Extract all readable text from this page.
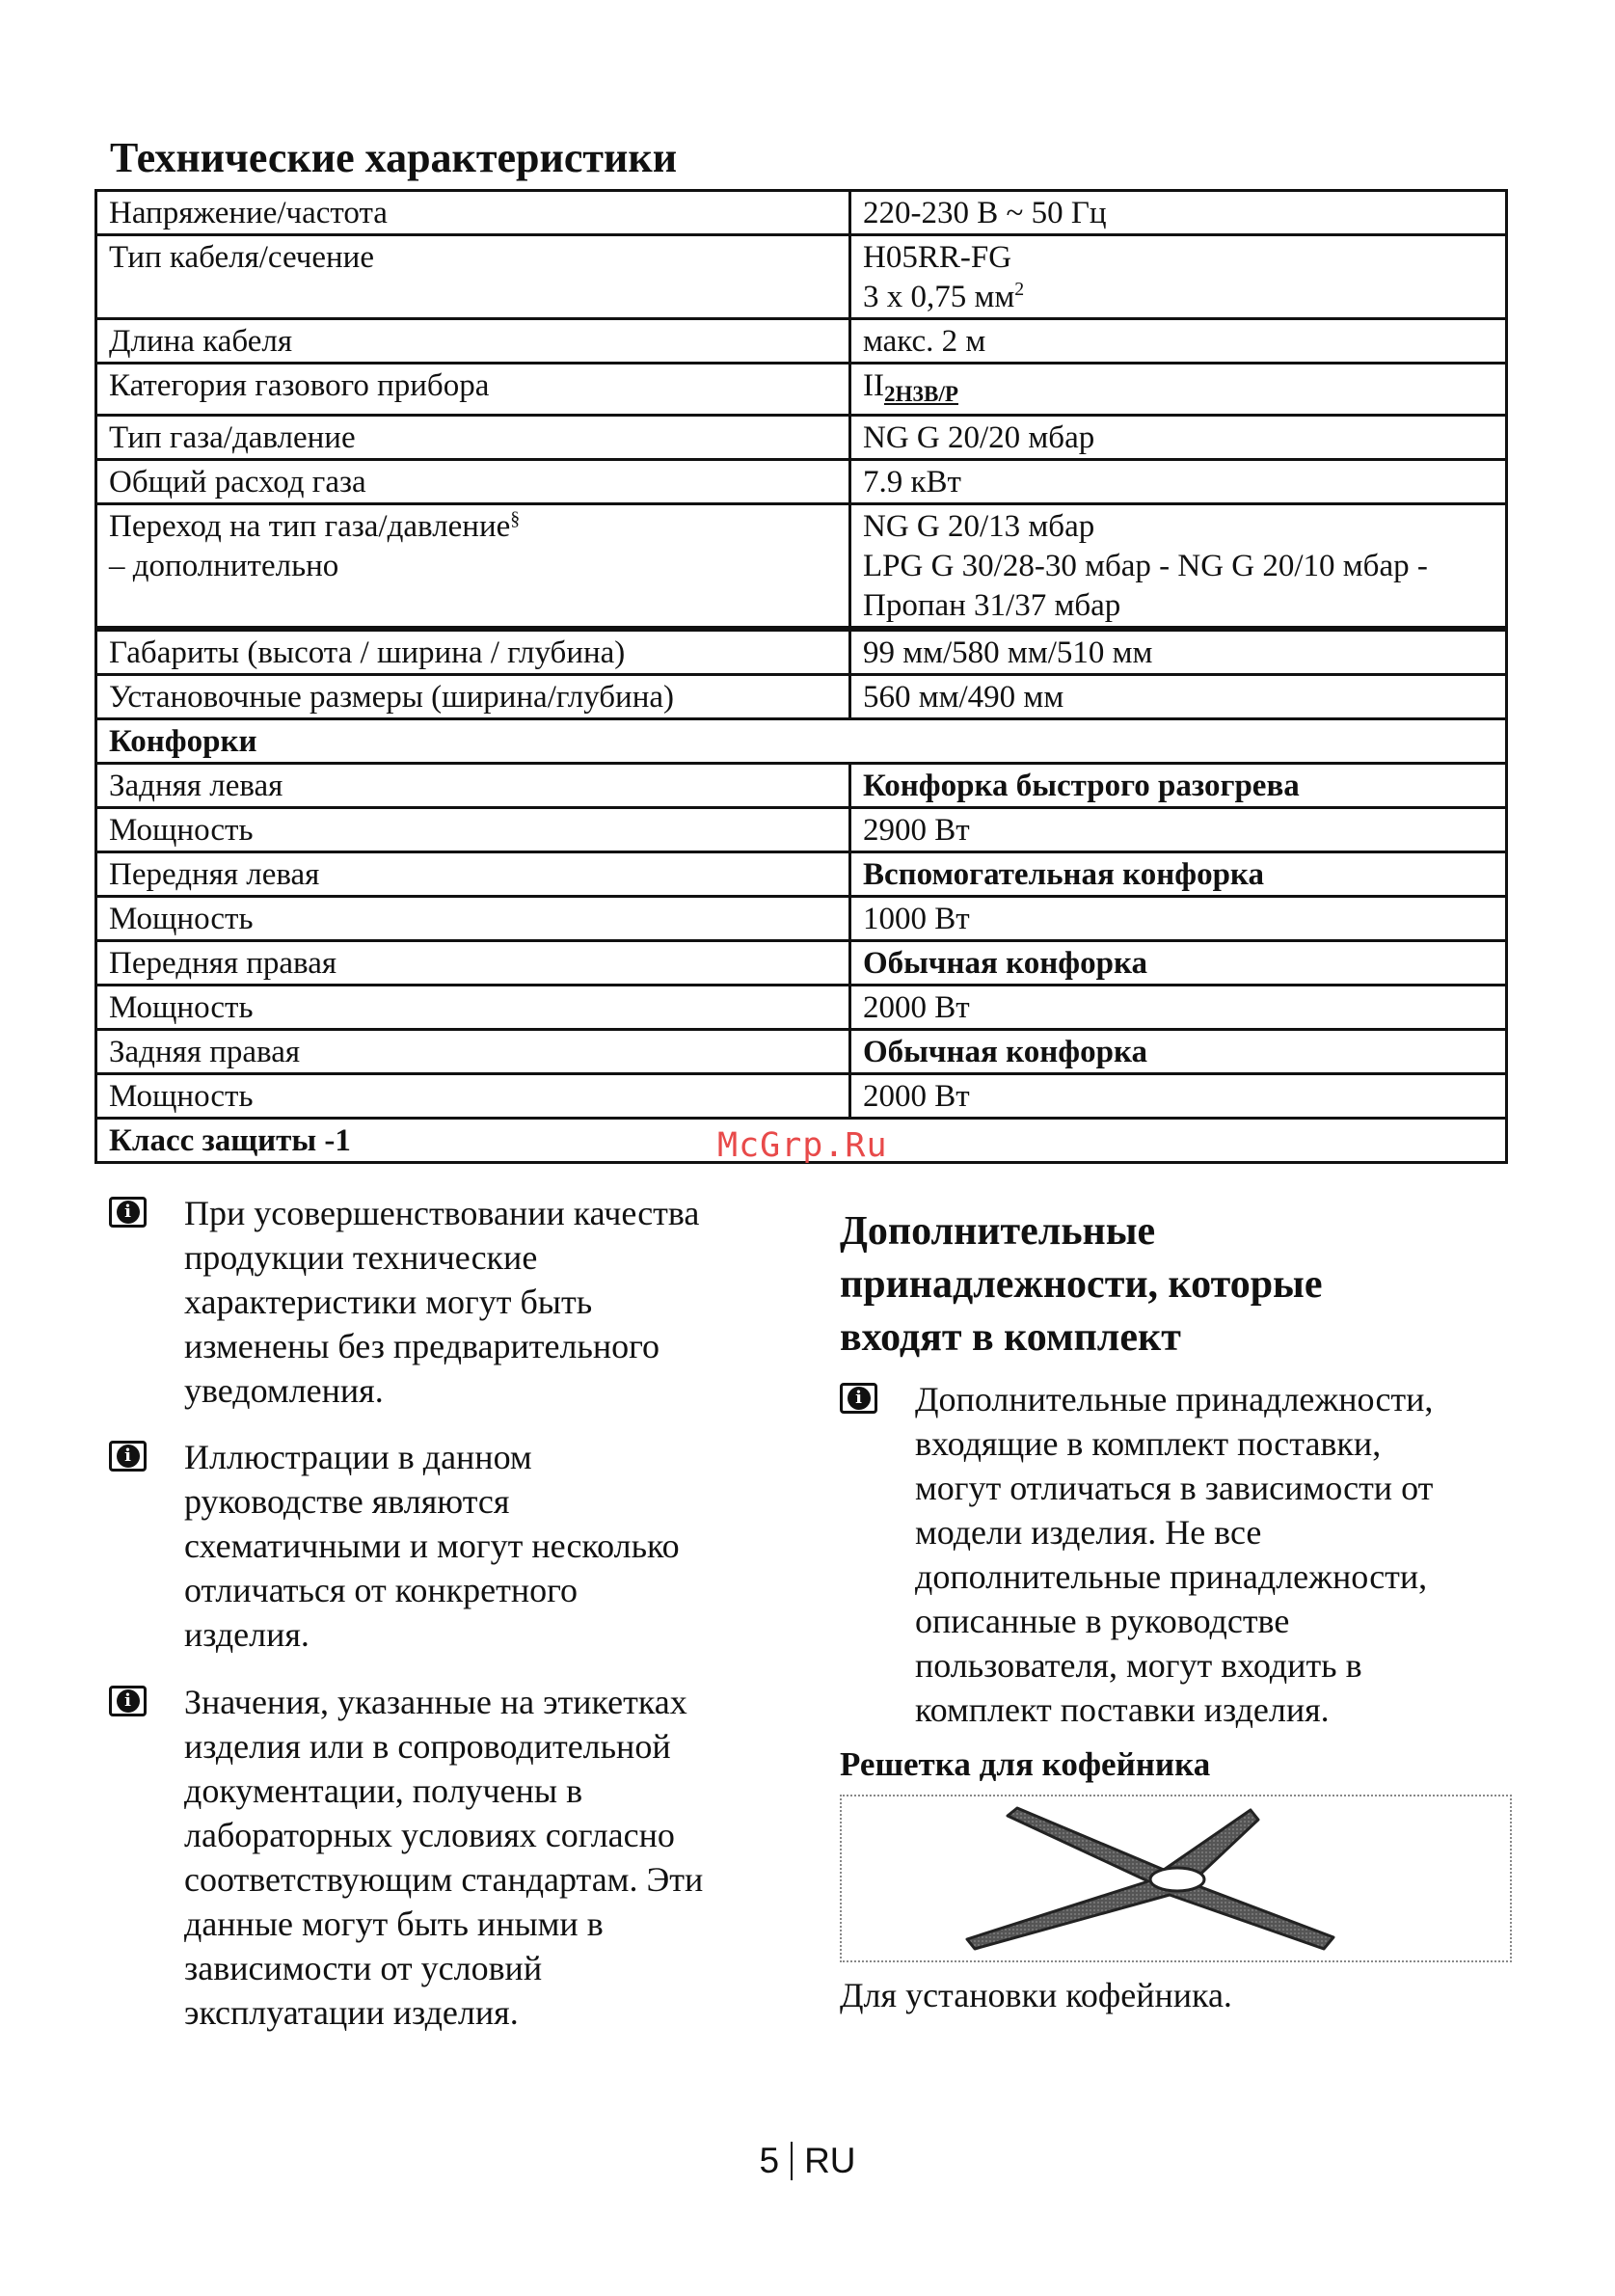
Технические характеристики
Напряжение/частота	220-230 В ~ 50 Гц
Тип кабеля/сечение	H05RR-FG
3 x 0,75 $мм^2$
Длина кабеля	макс. 2 м
Категория газового прибора	II2H3B/P
Тип газа/давление	NG G 20/20 мбар
Общий расход газа	7.9 кВт
Переход на тип газа/давление§
– дополнительно	NG G 20/13 мбар
LPG G 30/28-30 мбар - NG G 20/10 мбар -
Пропан 31/37 мбар
Габариты (высота / ширина / глубина)	99 мм/580 мм/510 мм
Установочные размеры (ширина/глубина)	560 мм/490 мм
Конфорки	
Задняя левая	Конфорка быстрого разогрева
Мощность	2900 Вт
Передняя левая	Вспомогательная конфорка
Мощность	1000 Вт
Передняя правая	Обычная конфорка
Мощность	2000 Вт
Задняя правая	Обычная конфорка
Мощность	2000 Вт
Класс защиты -1		McGrp.Ru
i При усовершенствовании качества
продукции технические
характеристики могут быть
изменены без предварительного
уведомления.

i Иллюстрации в данном
руководстве являются
схематичными и могут несколько
отличаться от конкретного
изделия.

i Значения, указанные на этикетках
изделия или в сопроводительной
документации, получены в
лабораторных условиях согласно
соответствующим стандартам. Эти
данные могут быть иными в
зависимости от условий
эксплуатации изделия.

Дополнительные
принадлежности, которые
входят в комплект
i Дополнительные принадлежности,
входящие в комплект поставки,
могут отличаться в зависимости от
модели изделия. Не все
дополнительные принадлежности,
описанные в руководстве
пользователя, могут входить в
комплект поставки изделия.

Решетка для кофейника

Для установки кофейника.

5 RU
